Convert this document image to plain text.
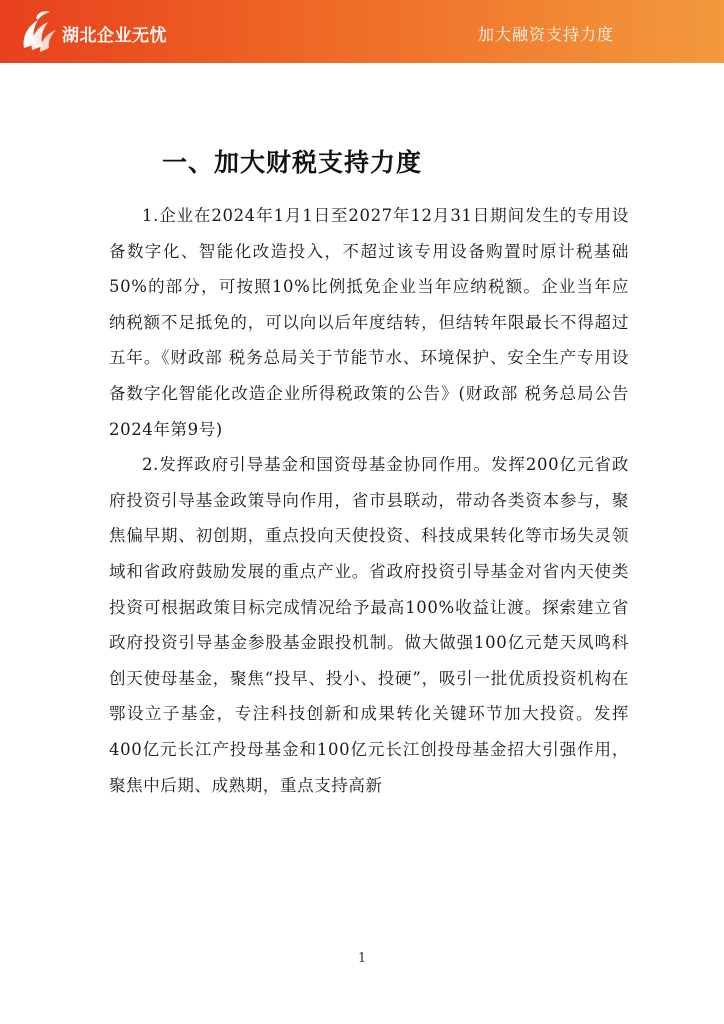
湖北企业无忧	加大融资支持力度
一、加大财税支持力度

1.企业在2024年1月1日至2027年12月31日期间发生的专用设备数字化、智能化改造投入，不超过该专用设备购置时原计税基础50%的部分，可按照10%比例抵免企业当年应纳税额。企业当年应纳税额不足抵免的，可以向以后年度结转，但结转年限最长不得超过五年。《财政部 税务总局关于节能节水、环境保护、安全生产专用设备数字化智能化改造企业所得税政策的公告》(财政部 税务总局公告2024年第9号)

2.发挥政府引导基金和国资母基金协同作用。发挥200亿元省政府投资引导基金政策导向作用，省市县联动，带动各类资本参与，聚焦偏早期、初创期，重点投向天使投资、科技成果转化等市场失灵领域和省政府鼓励发展的重点产业。省政府投资引导基金对省内天使类投资可根据政策目标完成情况给予最高100%收益让渡。探索建立省政府投资引导基金参股基金跟投机制。做大做强100亿元楚天凤鸣科创天使母基金，聚焦“投早、投小、投硬”，吸引一批优质投资机构在鄂设立子基金，专注科技创新和成果转化关键环节加大投资。发挥400亿元长江产投母基金和100亿元长江创投母基金招大引强作用，聚焦中后期、成熟期，重点支持高新

1
